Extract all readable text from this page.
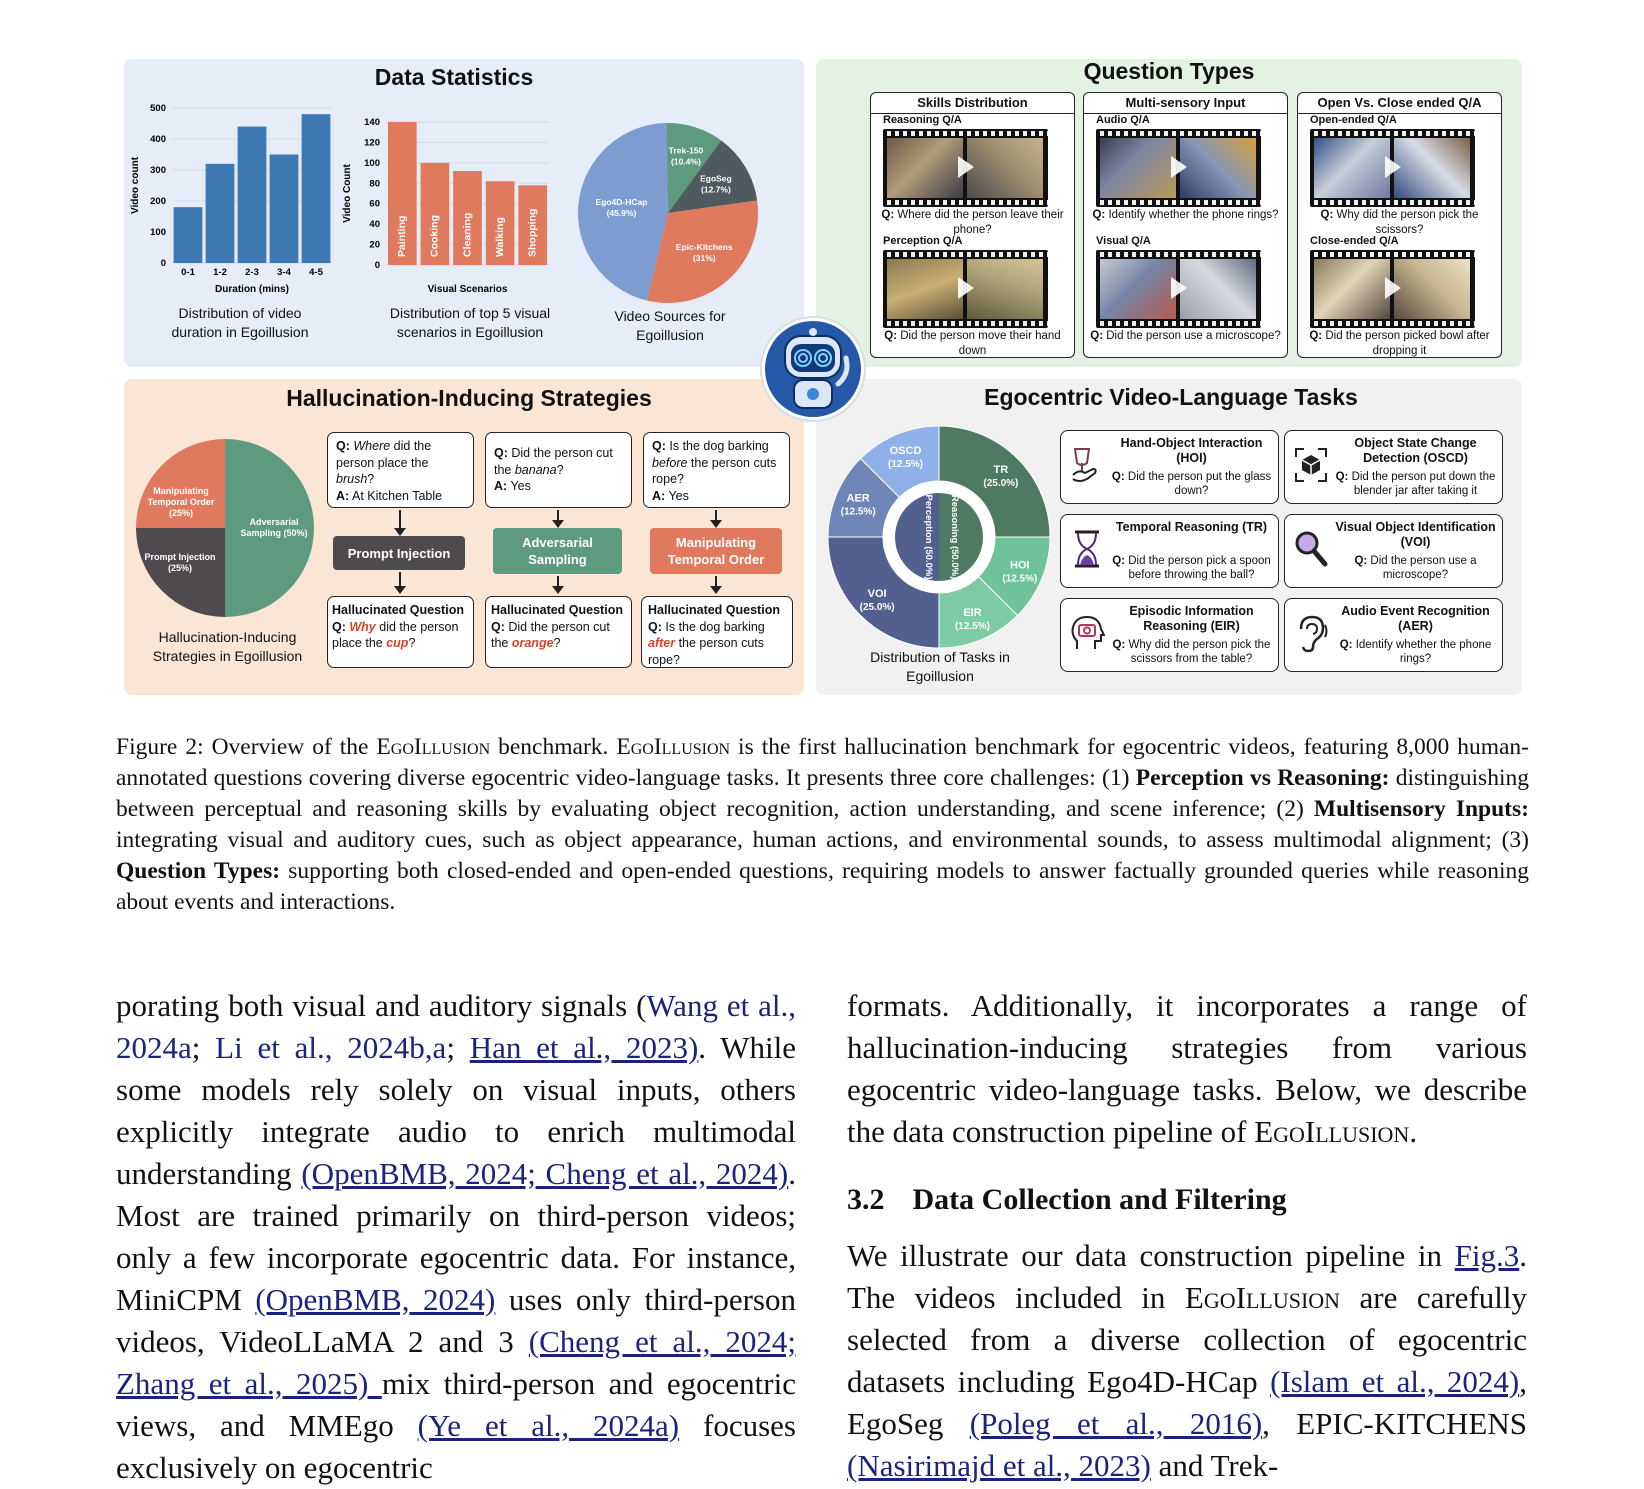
Data Statistics
0
100
200
300
400
500
0-1 1-2 2-3 3-4 4-5
Duration (mins)
Video count
Distribution of video duration in Egoillusion
0
20
40
60
80
100
120
140
Painting Cooking Cleaning Walking Shopping
Visual Scenarios
Video Count
Distribution of top 5 visual scenarios in Egoillusion
Trek-150
(10.4%)
EgoSeg
(12.7%)
Epic-Kitchens
(31%)
Ego4D-HCap
(45.9%)
Video Sources for Egoillusion
Question Types
Skills Distribution
Reasoning Q/A
Q: Where did the person leave their phone?
Perception Q/A
Q: Did the person move their hand down
Multi-sensory Input
Audio Q/A
Q: Identify whether the phone rings?
Visual Q/A
Q: Did the person use a microscope?
Open Vs. Close ended Q/A
Open-ended Q/A
Q: Why did the person pick the scissors?
Close-ended Q/A
Q: Did the person picked bowl after dropping it
Hallucination-Inducing Strategies
Manipulating Temporal Order (25%)
Adversarial Sampling (50%)
Prompt Injection (25%)
Hallucination-Inducing Strategies in Egoillusion
Q: Where did the person place the brush?
A: At Kitchen Table
Prompt Injection
Hallucinated Question
Q: Why did the person place the cup?
Q: Did the person cut the banana?
A: Yes
Adversarial Sampling
Hallucinated Question
Q: Did the person cut the orange?
Q: Is the dog barking before the person cuts rope?
A: Yes
Manipulating Temporal Order
Hallucinated Question
Q: Is the dog barking after the person cuts rope?
Egocentric Video-Language Tasks
TR
(25.0%)
HOI
(12.5%)
EIR
(12.5%)
VOI
(25.0%)
AER
(12.5%)
OSCD
(12.5%)
Reasoning (50.0%)
Perception (50.0%)
Distribution of Tasks in Egoillusion
Hand-Object Interaction (HOI)
Q: Did the person put the glass down?
Object State Change Detection (OSCD)
Q: Did the person put down the blender jar after taking it
Temporal Reasoning (TR)
Q: Did the person pick a spoon before throwing the ball?
Visual Object Identification (VOI)
Q: Did the person use a microscope?
Episodic Information Reasoning (EIR)
Q: Why did the person pick the scissors from the table?
Audio Event Recognition (AER)
Q: Identify whether the phone rings?
Figure 2: Overview of the EgoIllusion benchmark. EgoIllusion is the first hallucination benchmark for egocentric videos, featuring 8,000 human-annotated questions covering diverse egocentric video-language tasks. It presents three core challenges: (1) Perception vs Reasoning: distinguishing between perceptual and reasoning skills by evaluating object recognition, action understanding, and scene inference; (2) Multisensory Inputs: integrating visual and auditory cues, such as object appearance, human actions, and environmental sounds, to assess multimodal alignment; (3) Question Types: supporting both closed-ended and open-ended questions, requiring models to answer factually grounded queries while reasoning about events and interactions.

porating both visual and auditory signals (Wang et al., 2024a; Li et al., 2024b,a; Han et al., 2023). While some models rely solely on visual inputs, others explicitly integrate audio to enrich multimodal understanding (OpenBMB, 2024; Cheng et al., 2024). Most are trained primarily on third-person videos; only a few incorporate egocentric data. For instance, MiniCPM (OpenBMB, 2024) uses only third-person videos, VideoLLaMA 2 and 3 (Cheng et al., 2024; Zhang et al., 2025) mix third-person and egocentric views, and MMEgo (Ye et al., 2024a) focuses exclusively on egocentric

formats. Additionally, it incorporates a range of hallucination-inducing strategies from various egocentric video-language tasks. Below, we describe the data construction pipeline of EgoIllusion.

3.2 Data Collection and Filtering

We illustrate our data construction pipeline in Fig.3. The videos included in EgoIllusion are carefully selected from a diverse collection of egocentric datasets including Ego4D-HCap (Islam et al., 2024), EgoSeg (Poleg et al., 2016), EPIC-KITCHENS (Nasirimajd et al., 2023) and Trek-
